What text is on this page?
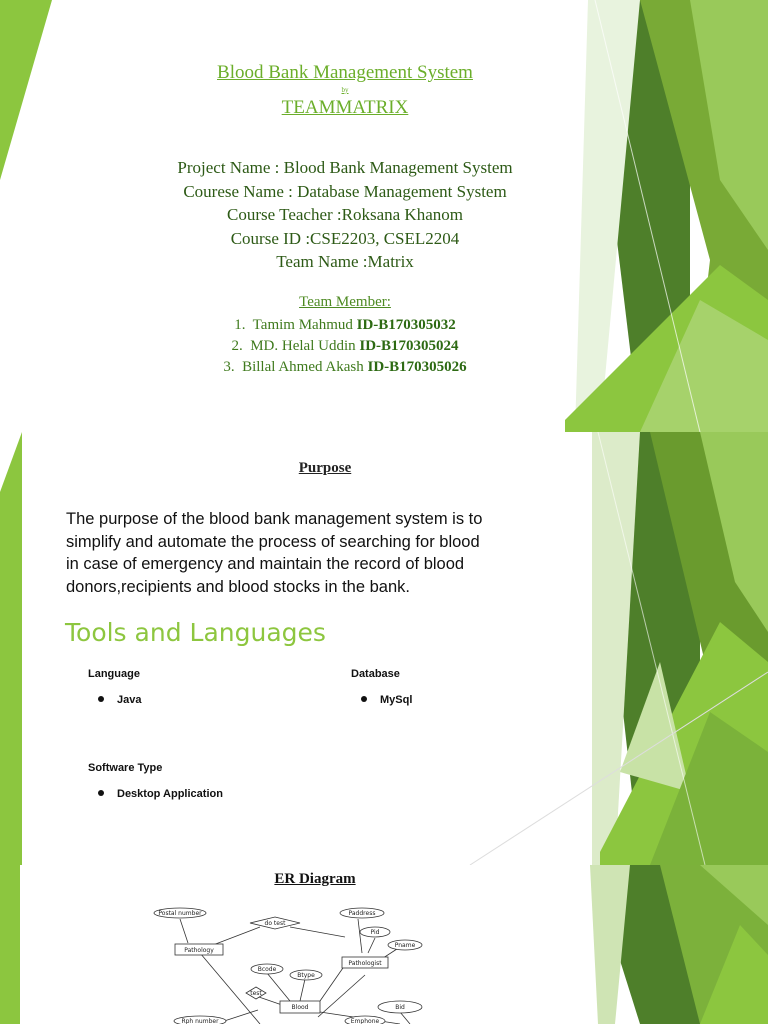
Blood Bank Management System
by
TEAMMATRIX
Project Name : Blood Bank Management System
Courese Name : Database Management System
Course Teacher :Roksana Khanom
Course ID :CSE2203, CSEL2204
Team Name :Matrix
Team Member:
1. Tamim Mahmud ID-B170305032
2. MD. Helal Uddin ID-B170305024
3. Billal Ahmed Akash ID-B170305026
Purpose
The purpose of the blood bank management system is to
simplify and automate the process of searching for blood
in case of emergency and maintain the record of blood
donors,recipients and blood stocks in the bank.
Tools and Languages
Language
Java
Database
MySql
Software Type
Desktop Application
ER Diagram
Postal number	Paddress
Pid
Pname
Bcode
Btype
Rph number
Bid
Emphone
do test
test
Pathology
Pathologist
Blood
